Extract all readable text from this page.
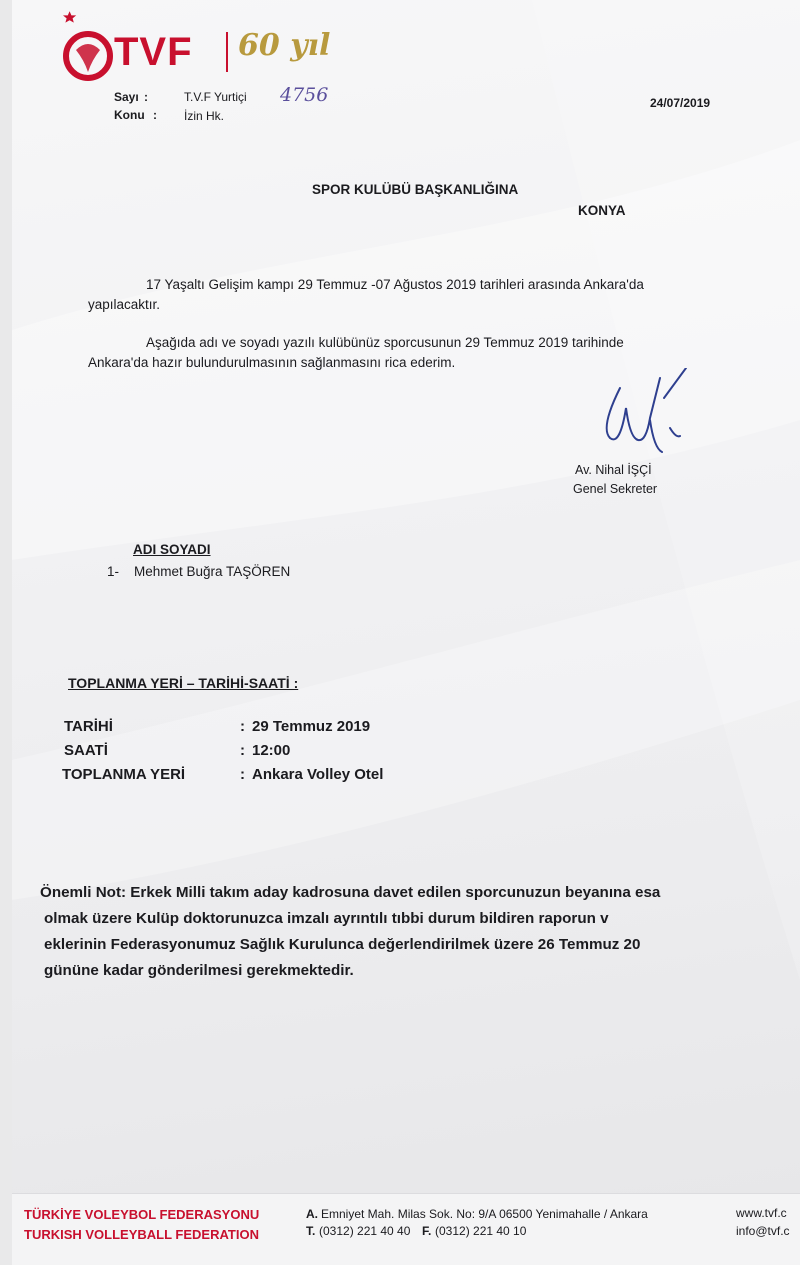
TVF 60 yıl
Sayı :	T.V.F Yurtiçi 4756
Konu : İzin Hk.
24/07/2019
SPOR KULÜBÜ BAŞKANLIĞINA
KONYA
17 Yaşaltı Gelişim kampı 29 Temmuz -07 Ağustos 2019 tarihleri arasında Ankara'da
yapılacaktır.
Aşağıda adı ve soyadı yazılı kulübünüz sporcusunun 29 Temmuz 2019 tarihinde
Ankara'da hazır bulundurulmasının sağlanmasını rica ederim.
Av. Nihal İŞÇİ
Genel Sekreter
ADI SOYADI
1- Mehmet Buğra TAŞÖREN
TOPLANMA YERİ – TARİHİ-SAATİ :
TARİHİ	: 29 Temmuz 2019
SAATİ	: 12:00
TOPLANMA YERİ	: Ankara Volley Otel
Önemli Not: Erkek Milli takım aday kadrosuna davet edilen sporcunuzun beyanına esa
olmak üzere Kulüp doktorunuzca imzalı ayrıntılı tıbbi durum bildiren raporun v
eklerinin Federasyonumuz Sağlık Kurulunca değerlendirilmek üzere 26 Temmuz 20
gününe kadar gönderilmesi gerekmektedir.
TÜRKİYE VOLEYBOL FEDERASYONU
TURKISH VOLLEYBALL FEDERATION
A. Emniyet Mah. Milas Sok. No: 9/A 06500 Yenimahalle / Ankara
T. (0312) 221 40 40 F. (0312) 221 40 10
www.tvf.c
info@tvf.c
